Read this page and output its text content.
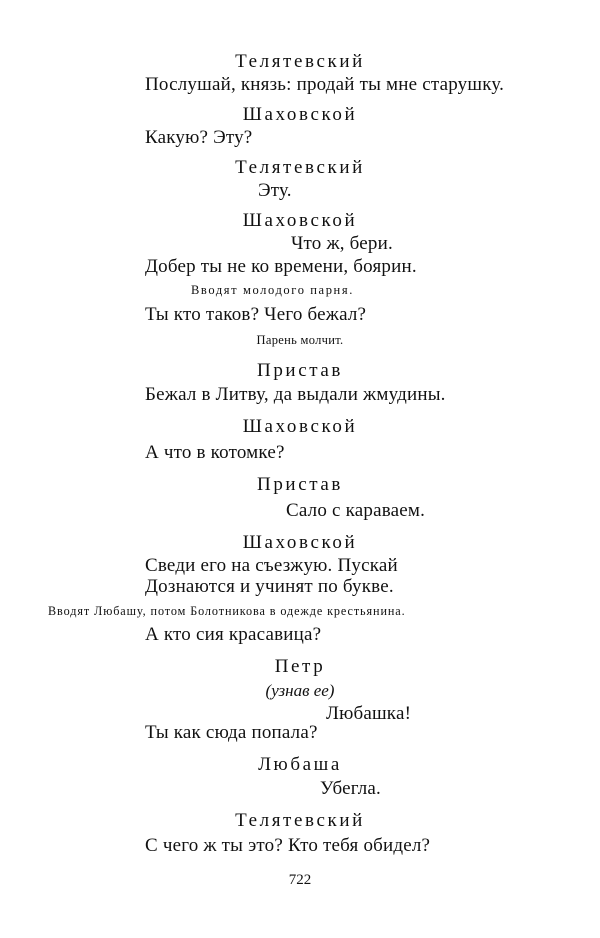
Телятевский
Послушай, князь: продай ты мне старушку.
Шаховской
Какую? Эту?
Телятевский
Эту.
Шаховской
Что ж, бери.
Добер ты не ко времени, боярин.
Вводят молодого парня.
Ты кто таков? Чего бежал?
Парень молчит.
Пристав
Бежал в Литву, да выдали жмудины.
Шаховской
А что в котомке?
Пристав
Сало с караваем.
Шаховской
Сведи его на съезжую. Пускай
Дознаются и учинят по букве.
Вводят Любашу, потом Болотникова в одежде крестьянина.
А кто сия красавица?
Петр
(узнав ее)
Любашка!
Ты как сюда попала?
Любаша
Убегла.
Телятевский
С чего ж ты это? Кто тебя обидел?
722
